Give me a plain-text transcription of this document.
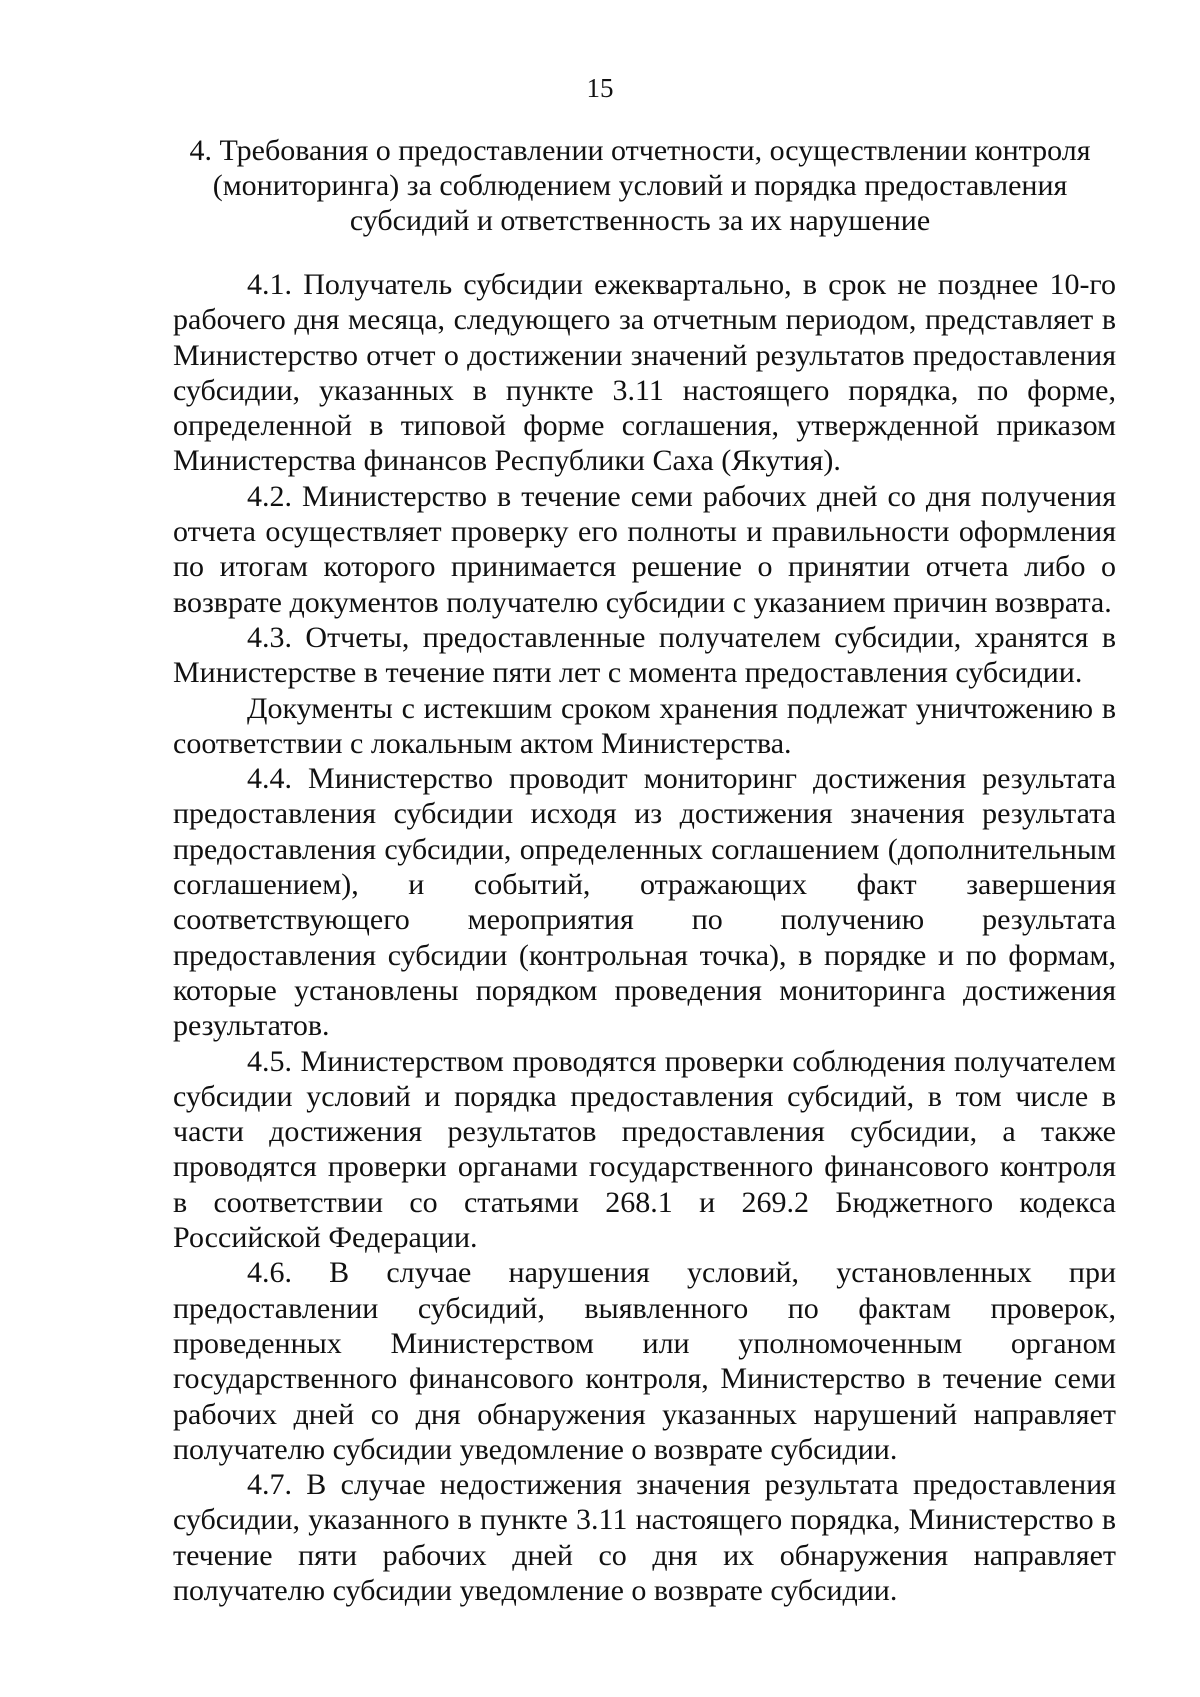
15
4. Требования о предоставлении отчетности, осуществлении контроля
(мониторинга) за соблюдением условий и порядка предоставления
субсидий и ответственность за их нарушение

4.1. Получатель субсидии ежеквартально, в срок не позднее 10-го рабочего дня месяца, следующего за отчетным периодом, представляет в Министерство отчет о достижении значений результатов предоставления субсидии, указанных в пункте 3.11 настоящего порядка, по форме, определенной в типовой форме соглашения, утвержденной приказом Министерства финансов Республики Саха (Якутия).

4.2. Министерство в течение семи рабочих дней со дня получения отчета осуществляет проверку его полноты и правильности оформления по итогам которого принимается решение о принятии отчета либо о возврате документов получателю субсидии с указанием причин возврата.

4.3. Отчеты, предоставленные получателем субсидии, хранятся в Министерстве в течение пяти лет с момента предоставления субсидии.

Документы с истекшим сроком хранения подлежат уничтожению в соответствии с локальным актом Министерства.

4.4. Министерство проводит мониторинг достижения результата предоставления субсидии исходя из достижения значения результата предоставления субсидии, определенных соглашением (дополнительным соглашением), и событий, отражающих факт завершения соответствующего мероприятия по получению результата предоставления субсидии (контрольная точка), в порядке и по формам, которые установлены порядком проведения мониторинга достижения результатов.

4.5. Министерством проводятся проверки соблюдения получателем субсидии условий и порядка предоставления субсидий, в том числе в части достижения результатов предоставления субсидии, а также проводятся проверки органами государственного финансового контроля в соответствии со статьями 268.1 и 269.2 Бюджетного кодекса Российской Федерации.

4.6. В случае нарушения условий, установленных при предоставлении субсидий, выявленного по фактам проверок, проведенных Министерством или уполномоченным органом государственного финансового контроля, Министерство в течение семи рабочих дней со дня обнаружения указанных нарушений направляет получателю субсидии уведомление о возврате субсидии.

4.7. В случае недостижения значения результата предоставления субсидии, указанного в пункте 3.11 настоящего порядка, Министерство в течение пяти рабочих дней со дня их обнаружения направляет получателю субсидии уведомление о возврате субсидии.
